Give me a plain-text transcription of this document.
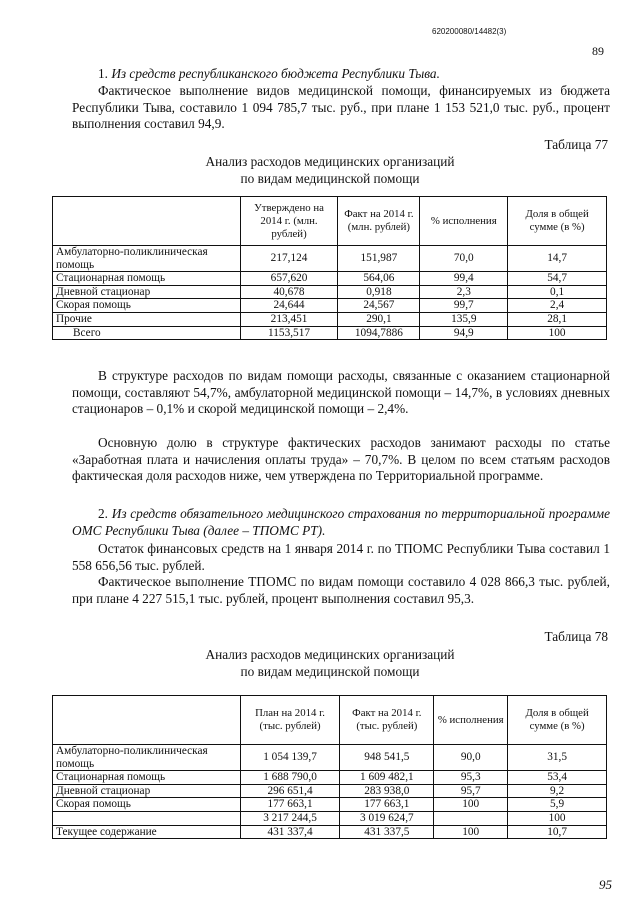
620200080/14482(3)
89

1. Из средств республиканского бюджета Республики Тыва.

Фактическое выполнение видов медицинской помощи, финансируемых из бюджета Республики Тыва, составило 1 094 785,7 тыс. руб., при плане 1 153 521,0 тыс. руб., процент выполнения составил 94,9.

Таблица 77
Анализ расходов медицинских организаций
по видам медицинской помощи
	Утверждено на 2014 г. (млн. рублей)	Факт на 2014 г. (млн. рублей)	% исполнения	Доля в общей сумме (в %)
Амбулаторно-поликлиническая помощь	217,124	151,987	70,0	14,7
Стационарная помощь	657,620	564,06	99,4	54,7
Дневной стационар	40,678	0,918	2,3	0,1
Скорая помощь	24,644	24,567	99,7	2,4
Прочие	213,451	290,1	135,9	28,1
Всего	1153,517	1094,7886	94,9	100

В структуре расходов по видам помощи расходы, связанные с оказанием стационарной помощи, составляют 54,7%, амбулаторной медицинской помощи – 14,7%, в условиях дневных стационаров – 0,1% и скорой медицинской помощи – 2,4%.

Основную долю в структуре фактических расходов занимают расходы по статье «Заработная плата и начисления оплаты труда» – 70,7%. В целом по всем статьям расходов фактическая доля расходов ниже, чем утверждена по Территориальной программе.

2. Из средств обязательного медицинского страхования по территориальной программе ОМС Республики Тыва (далее – ТПОМС РТ).

Остаток финансовых средств на 1 января 2014 г. по ТПОМС Республики Тыва составил 1 558 656,56 тыс. рублей.

Фактическое выполнение ТПОМС по видам помощи составило 4 028 866,3 тыс. рублей, при плане 4 227 515,1 тыс. рублей, процент выполнения составил 95,3.

Таблица 78
Анализ расходов медицинских организаций
по видам медицинской помощи
	План на 2014 г. (тыс. рублей)	Факт на 2014 г. (тыс. рублей)	% исполнения	Доля в общей сумме (в %)
Амбулаторно-поликлиническая помощь	1 054 139,7	948 541,5	90,0	31,5
Стационарная помощь	1 688 790,0	1 609 482,1	95,3	53,4
Дневной стационар	296 651,4	283 938,0	95,7	9,2
Скорая помощь	177 663,1	177 663,1	100	5,9
	3 217 244,5	3 019 624,7		100
Текущее содержание	431 337,4	431 337,5	100	10,7
95
